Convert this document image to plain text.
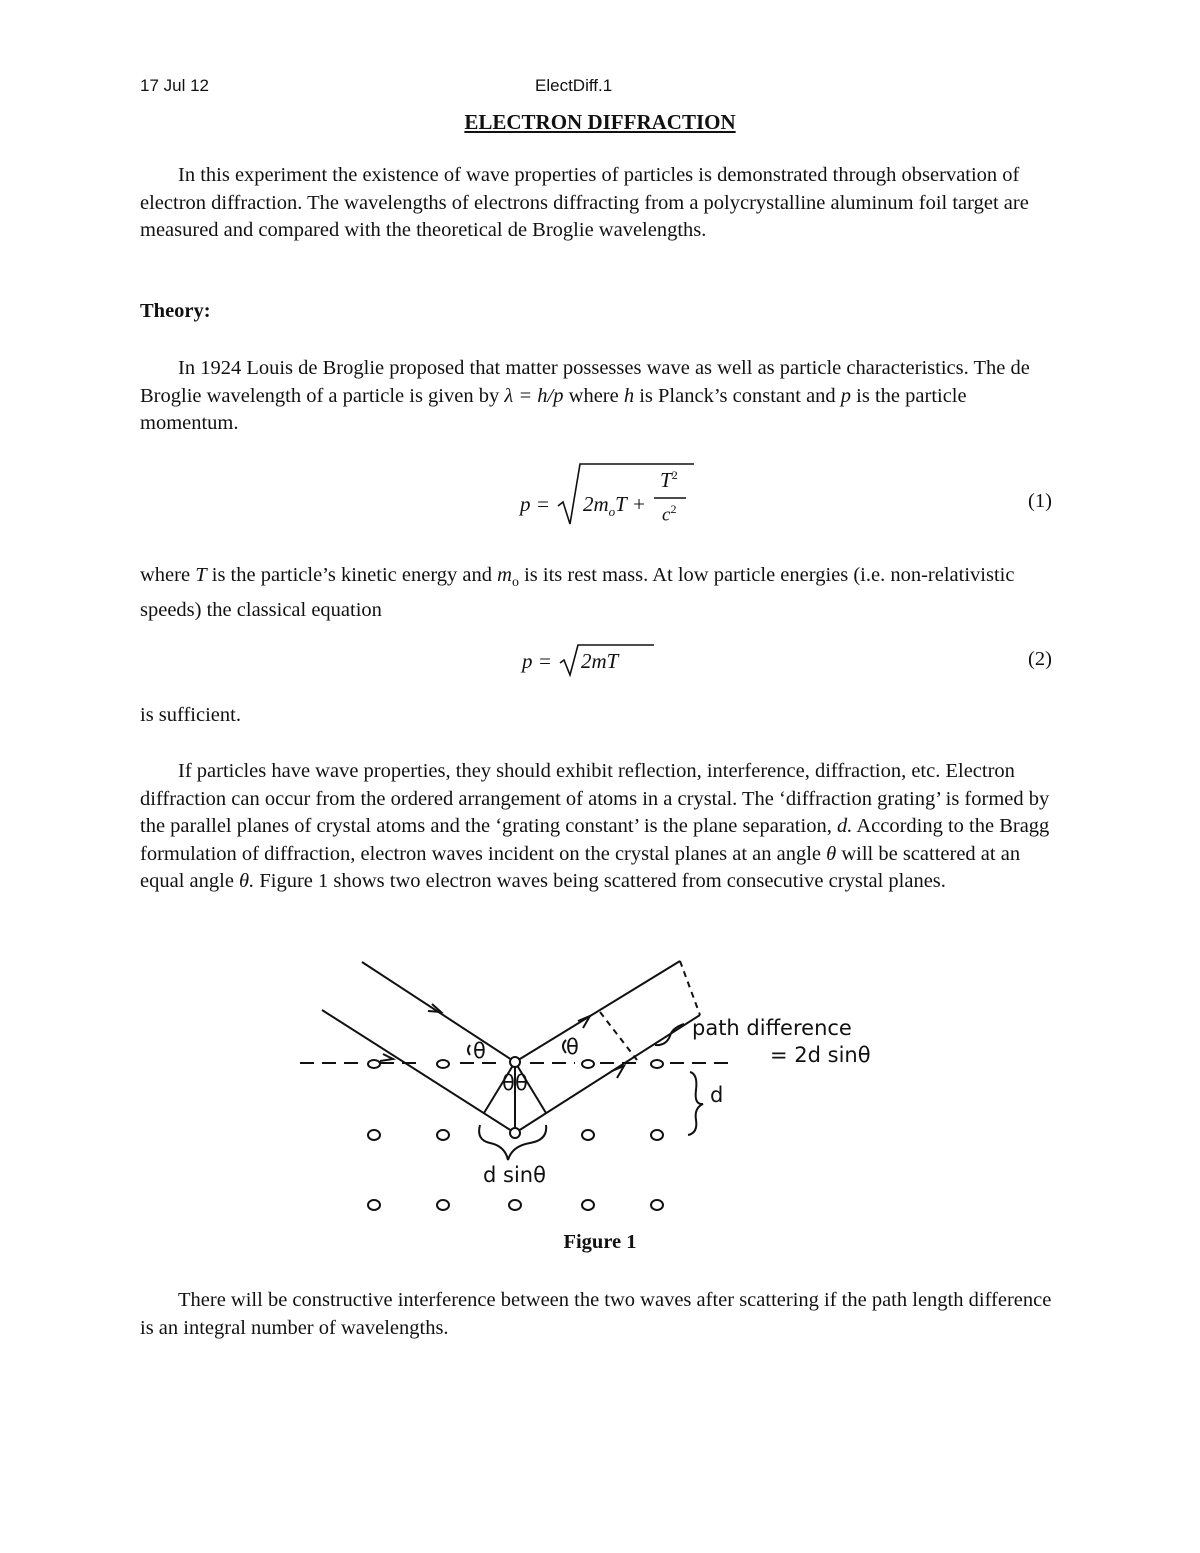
17 Jul 12	ElectDiff.1
ELECTRON DIFFRACTION

In this experiment the existence of wave properties of particles is demonstrated through observation of electron diffraction. The wavelengths of electrons diffracting from a polycrystalline aluminum foil target are measured and compared with the theoretical de Broglie wavelengths.

Theory:

In 1924 Louis de Broglie proposed that matter possesses wave as well as particle characteristics. The de Broglie wavelength of a particle is given by λ = h/p where h is Planck’s constant and p is the particle momentum.

$p = 2m_oT$ +
$T^2$
$c^2$	(1)

where T is the particle’s kinetic energy and $m_o$ is its rest mass. At low particle energies (i.e. non-relativistic speeds) the classical equation

p = 2mT	(2)

is sufficient.

If particles have wave properties, they should exhibit reflection, interference, diffraction, etc. Electron diffraction can occur from the ordered arrangement of atoms in a crystal. The ‘diffraction grating’ is formed by the parallel planes of crystal atoms and the ‘grating constant’ is the plane separation, d. According to the Bragg formulation of diffraction, electron waves incident on the crystal planes at an angle θ will be scattered at an equal angle θ. Figure 1 shows two electron waves being scattered from consecutive crystal planes.

θ	θ
θ θ
path difference
= 2d sinθ
d
d sinθ
Figure 1

There will be constructive interference between the two waves after scattering if the path length difference is an integral number of wavelengths.
